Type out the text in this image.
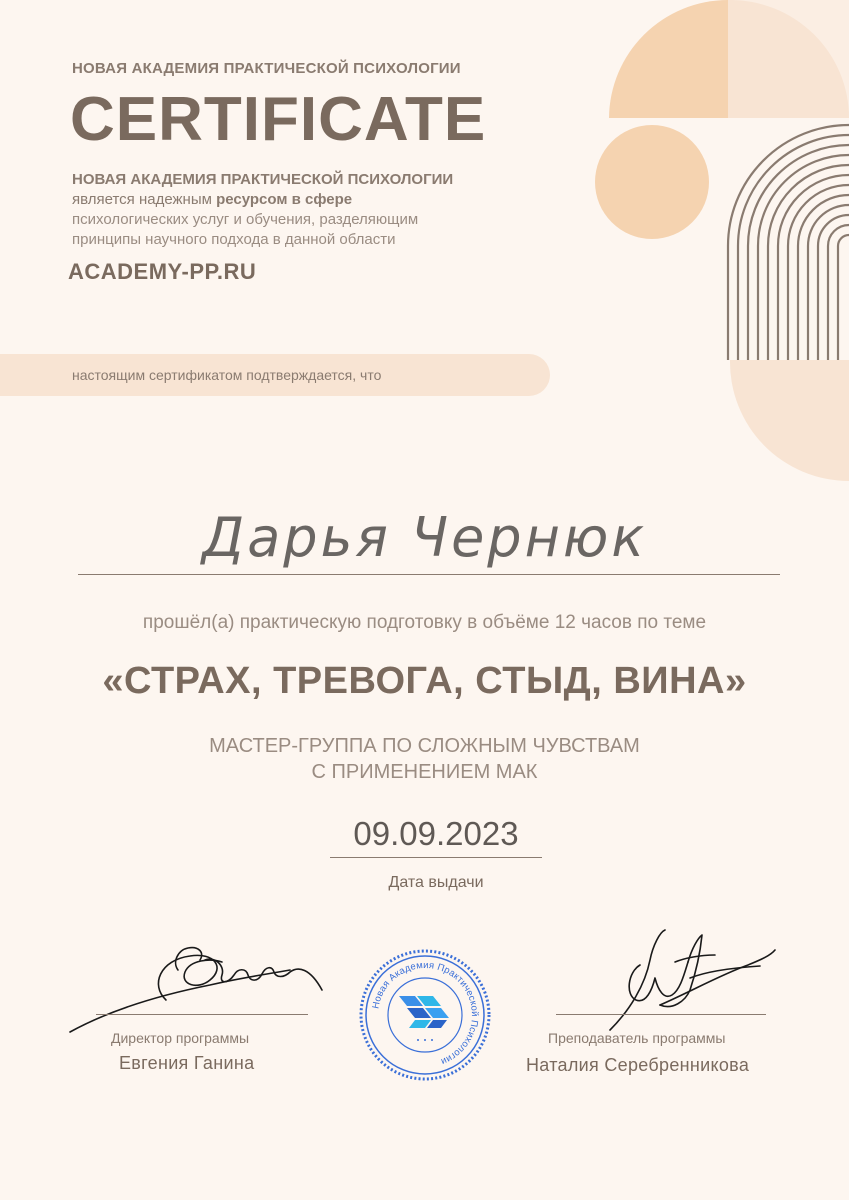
НОВАЯ АКАДЕМИЯ ПРАКТИЧЕСКОЙ ПСИХОЛОГИИ
CERTIFICATE
НОВАЯ АКАДЕМИЯ ПРАКТИЧЕСКОЙ ПСИХОЛОГИИ
является надежным ресурсом в сфере
психологических услуг и обучения, разделяющим
принципы научного подхода в данной области
ACADEMY-PP.RU
настоящим сертификатом подтверждается, что
Дарья Чернюк
прошёл(а) практическую подготовку в объёме 12 часов по теме
«СТРАХ, ТРЕВОГА, СТЫД, ВИНА»
МАСТЕР-ГРУППА ПО СЛОЖНЫМ ЧУВСТВАМ
С ПРИМЕНЕНИЕМ МАК
09.09.2023
Дата выдачи
Директор программы
Евгения Ганина
Преподаватель программы
Наталия Серебренникова
Новая Академия Практической Психологии
